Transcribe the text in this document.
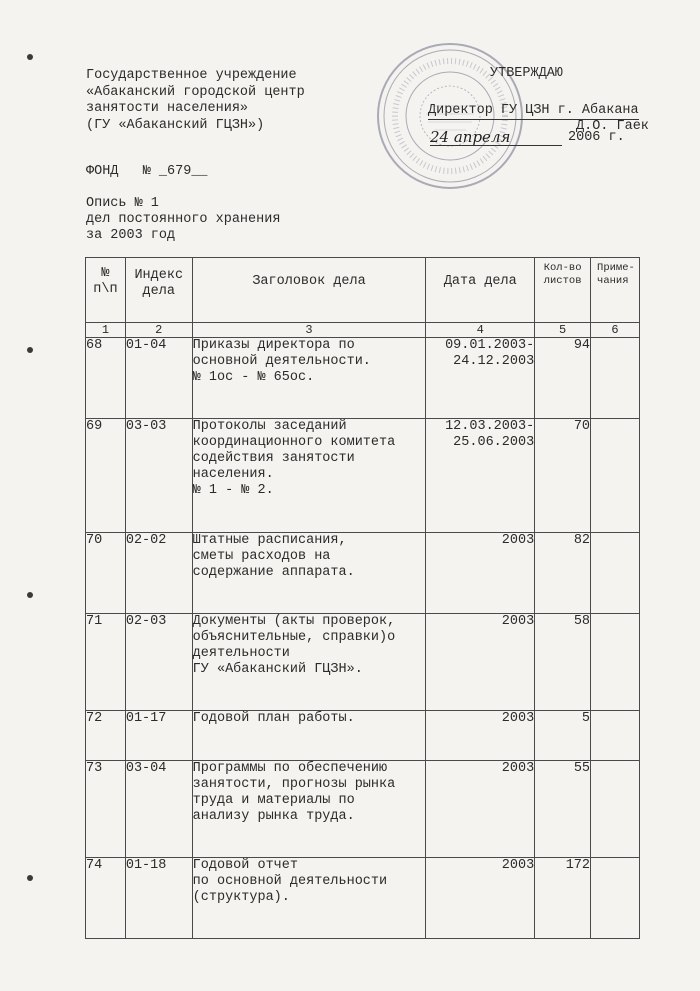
Государственное учреждение
«Абаканский городской центр
занятости населения»
(ГУ «Абаканский ГЦЗН»)
УТВЕРЖДАЮ
Директор ГУ ЦЗН г. Абакана
Д.О. Гаек
24 апреля	2006 г.
ФОНД   № _679__
Опись № 1
дел постоянного хранения
за 2003 год
№
п\п	Индекс
дела	Заголовок дела	Дата дела	Кол-во
листов	Приме-
чания
1	2	3	4	5	6
68	01-04	Приказы директора по
основной деятельности.
№ 1ос - № 65ос.	09.01.2003-
24.12.2003	94	
69	03-03	Протоколы заседаний
координационного комитета
содействия занятости
населения.
№ 1 - № 2.	12.03.2003-
25.06.2003	70	
70	02-02	Штатные расписания,
сметы расходов на
содержание аппарата.	2003	82	
71	02-03	Документы (акты проверок,
объяснительные, справки)о
деятельности
ГУ «Абаканский ГЦЗН».	2003	58	
72	01-17	Годовой план работы.	2003	5	
73	03-04	Программы по обеспечению
занятости, прогнозы рынка
труда и материалы по
анализу рынка труда.	2003	55	
74	01-18	Годовой отчет
по основной деятельности
(структура).	2003	172	
